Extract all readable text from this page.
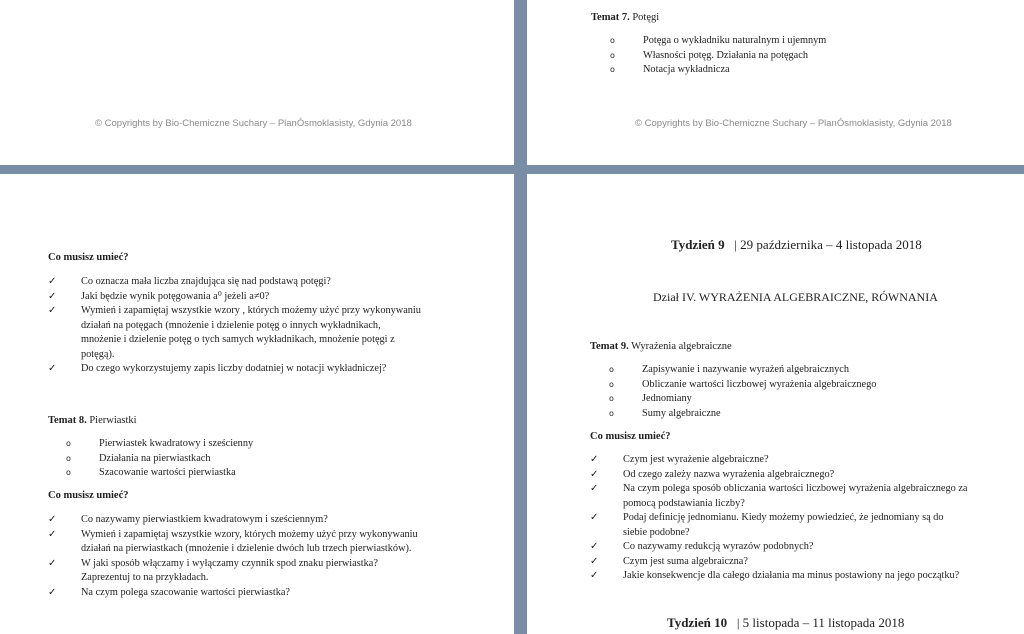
© Copyrights by Bio-Chemiczne Suchary – PlanÓsmoklasisty, Gdynia 2018
Temat 7. Potęgi
o	Potęga o wykładniku naturalnym i ujemnym
o	Własności potęg. Działania na potęgach
o	Notacja wykładnicza
© Copyrights by Bio-Chemiczne Suchary – PlanÓsmoklasisty, Gdynia 2018
Co musisz umieć?
✓ Co oznacza mała liczba znajdująca się nad podstawą potęgi?
✓ Jaki będzie wynik potęgowania a⁰ jeżeli a≠0?
✓ Wymień i zapamiętaj wszystkie wzory , których możemy użyć przy wykonywaniu
działań na potęgach (mnożenie i dzielenie potęg o innych wykładnikach,
mnożenie i dzielenie potęg o tych samych wykładnikach, mnożenie potęgi z
potęgą).
✓ Do czego wykorzystujemy zapis liczby dodatniej w notacji wykładniczej?
Temat 8. Pierwiastki
o	Pierwiastek kwadratowy i sześcienny
o	Działania na pierwiastkach
o	Szacowanie wartości pierwiastka
Co musisz umieć?
✓ Co nazywamy pierwiastkiem kwadratowym i sześciennym?
✓ Wymień i zapamiętaj wszystkie wzory, których możemy użyć przy wykonywaniu
działań na pierwiastkach (mnożenie i dzielenie dwóch lub trzech pierwiastków).
✓ W jaki sposób włączamy i wyłączamy czynnik spod znaku pierwiastka?
Zaprezentuj to na przykładach.
✓ Na czym polega szacowanie wartości pierwiastka?
Tydzień 9 | 29 października – 4 listopada 2018
Dział IV. WYRAŻENIA ALGEBRAICZNE, RÓWNANIA
Temat 9. Wyrażenia algebraiczne
o	Zapisywanie i nazywanie wyrażeń algebraicznych
o	Obliczanie wartości liczbowej wyrażenia algebraicznego
o	Jednomiany
o	Sumy algebraiczne
Co musisz umieć?
✓ Czym jest wyrażenie algebraiczne?
✓ Od czego zależy nazwa wyrażenia algebraicznego?
✓ Na czym polega sposób obliczania wartości liczbowej wyrażenia algebraicznego za
pomocą podstawiania liczby?
✓ Podaj definicję jednomianu. Kiedy możemy powiedzieć, że jednomiany są do
siebie podobne?
✓ Co nazywamy redukcją wyrazów podobnych?
✓ Czym jest suma algebraiczna?
✓ Jakie konsekwencje dla całego działania ma minus postawiony na jego początku?
Tydzień 10 | 5 listopada – 11 listopada 2018
